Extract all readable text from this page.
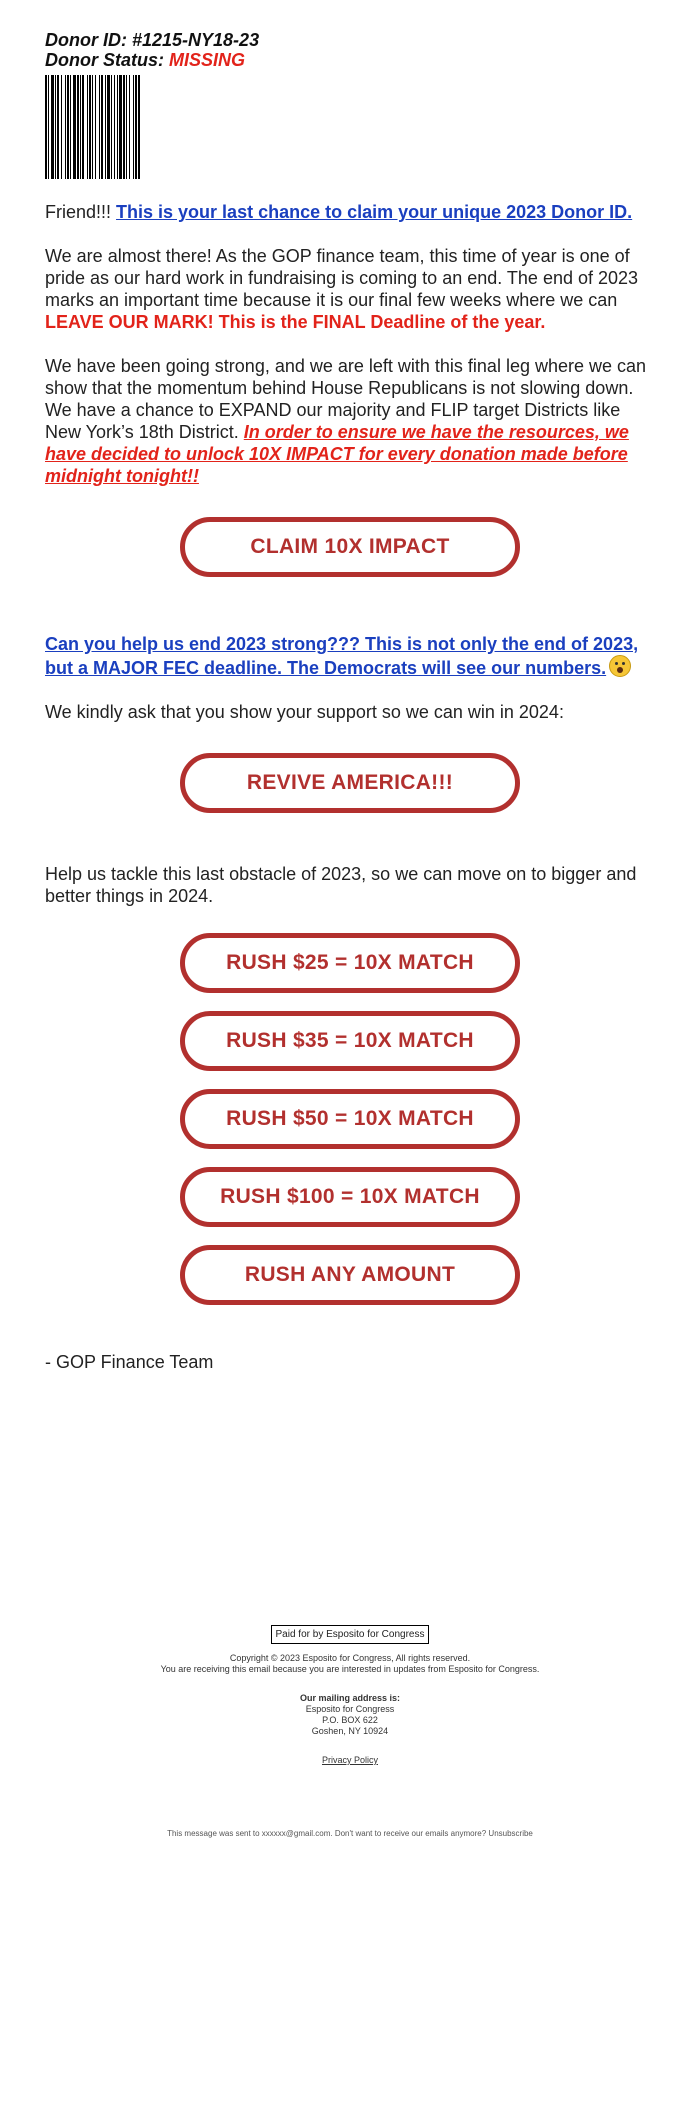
Donor ID: #1215-NY18-23
Donor Status: MISSING

Friend!!! This is your last chance to claim your unique 2023 Donor ID.

We are almost there! As the GOP finance team, this time of year is one of pride as our hard work in fundraising is coming to an end. The end of 2023 marks an important time because it is our final few weeks where we can LEAVE OUR MARK! This is the FINAL Deadline of the year.

We have been going strong, and we are left with this final leg where we can show that the momentum behind House Republicans is not slowing down. We have a chance to EXPAND our majority and FLIP target Districts like New York’s 18th District. In order to ensure we have the resources, we have decided to unlock 10X IMPACT for every donation made before midnight tonight!!

CLAIM 10X IMPACT

Can you help us end 2023 strong??? This is not only the end of 2023, but a MAJOR FEC deadline. The Democrats will see our numbers.

We kindly ask that you show your support so we can win in 2024:

REVIVE AMERICA!!!

Help us tackle this last obstacle of 2023, so we can move on to bigger and better things in 2024.

RUSH $25 = 10X MATCH
RUSH $35 = 10X MATCH
RUSH $50 = 10X MATCH
RUSH $100 = 10X MATCH
RUSH ANY AMOUNT

- GOP Finance Team

Paid for by Esposito for Congress
Copyright © 2023 Esposito for Congress, All rights reserved.
You are receiving this email because you are interested in updates from Esposito for Congress.
Our mailing address is:
Esposito for Congress
P.O. BOX 622
Goshen, NY 10924
Privacy Policy
This message was sent to xxxxxx@gmail.com. Don't want to receive our emails anymore? Unsubscribe
